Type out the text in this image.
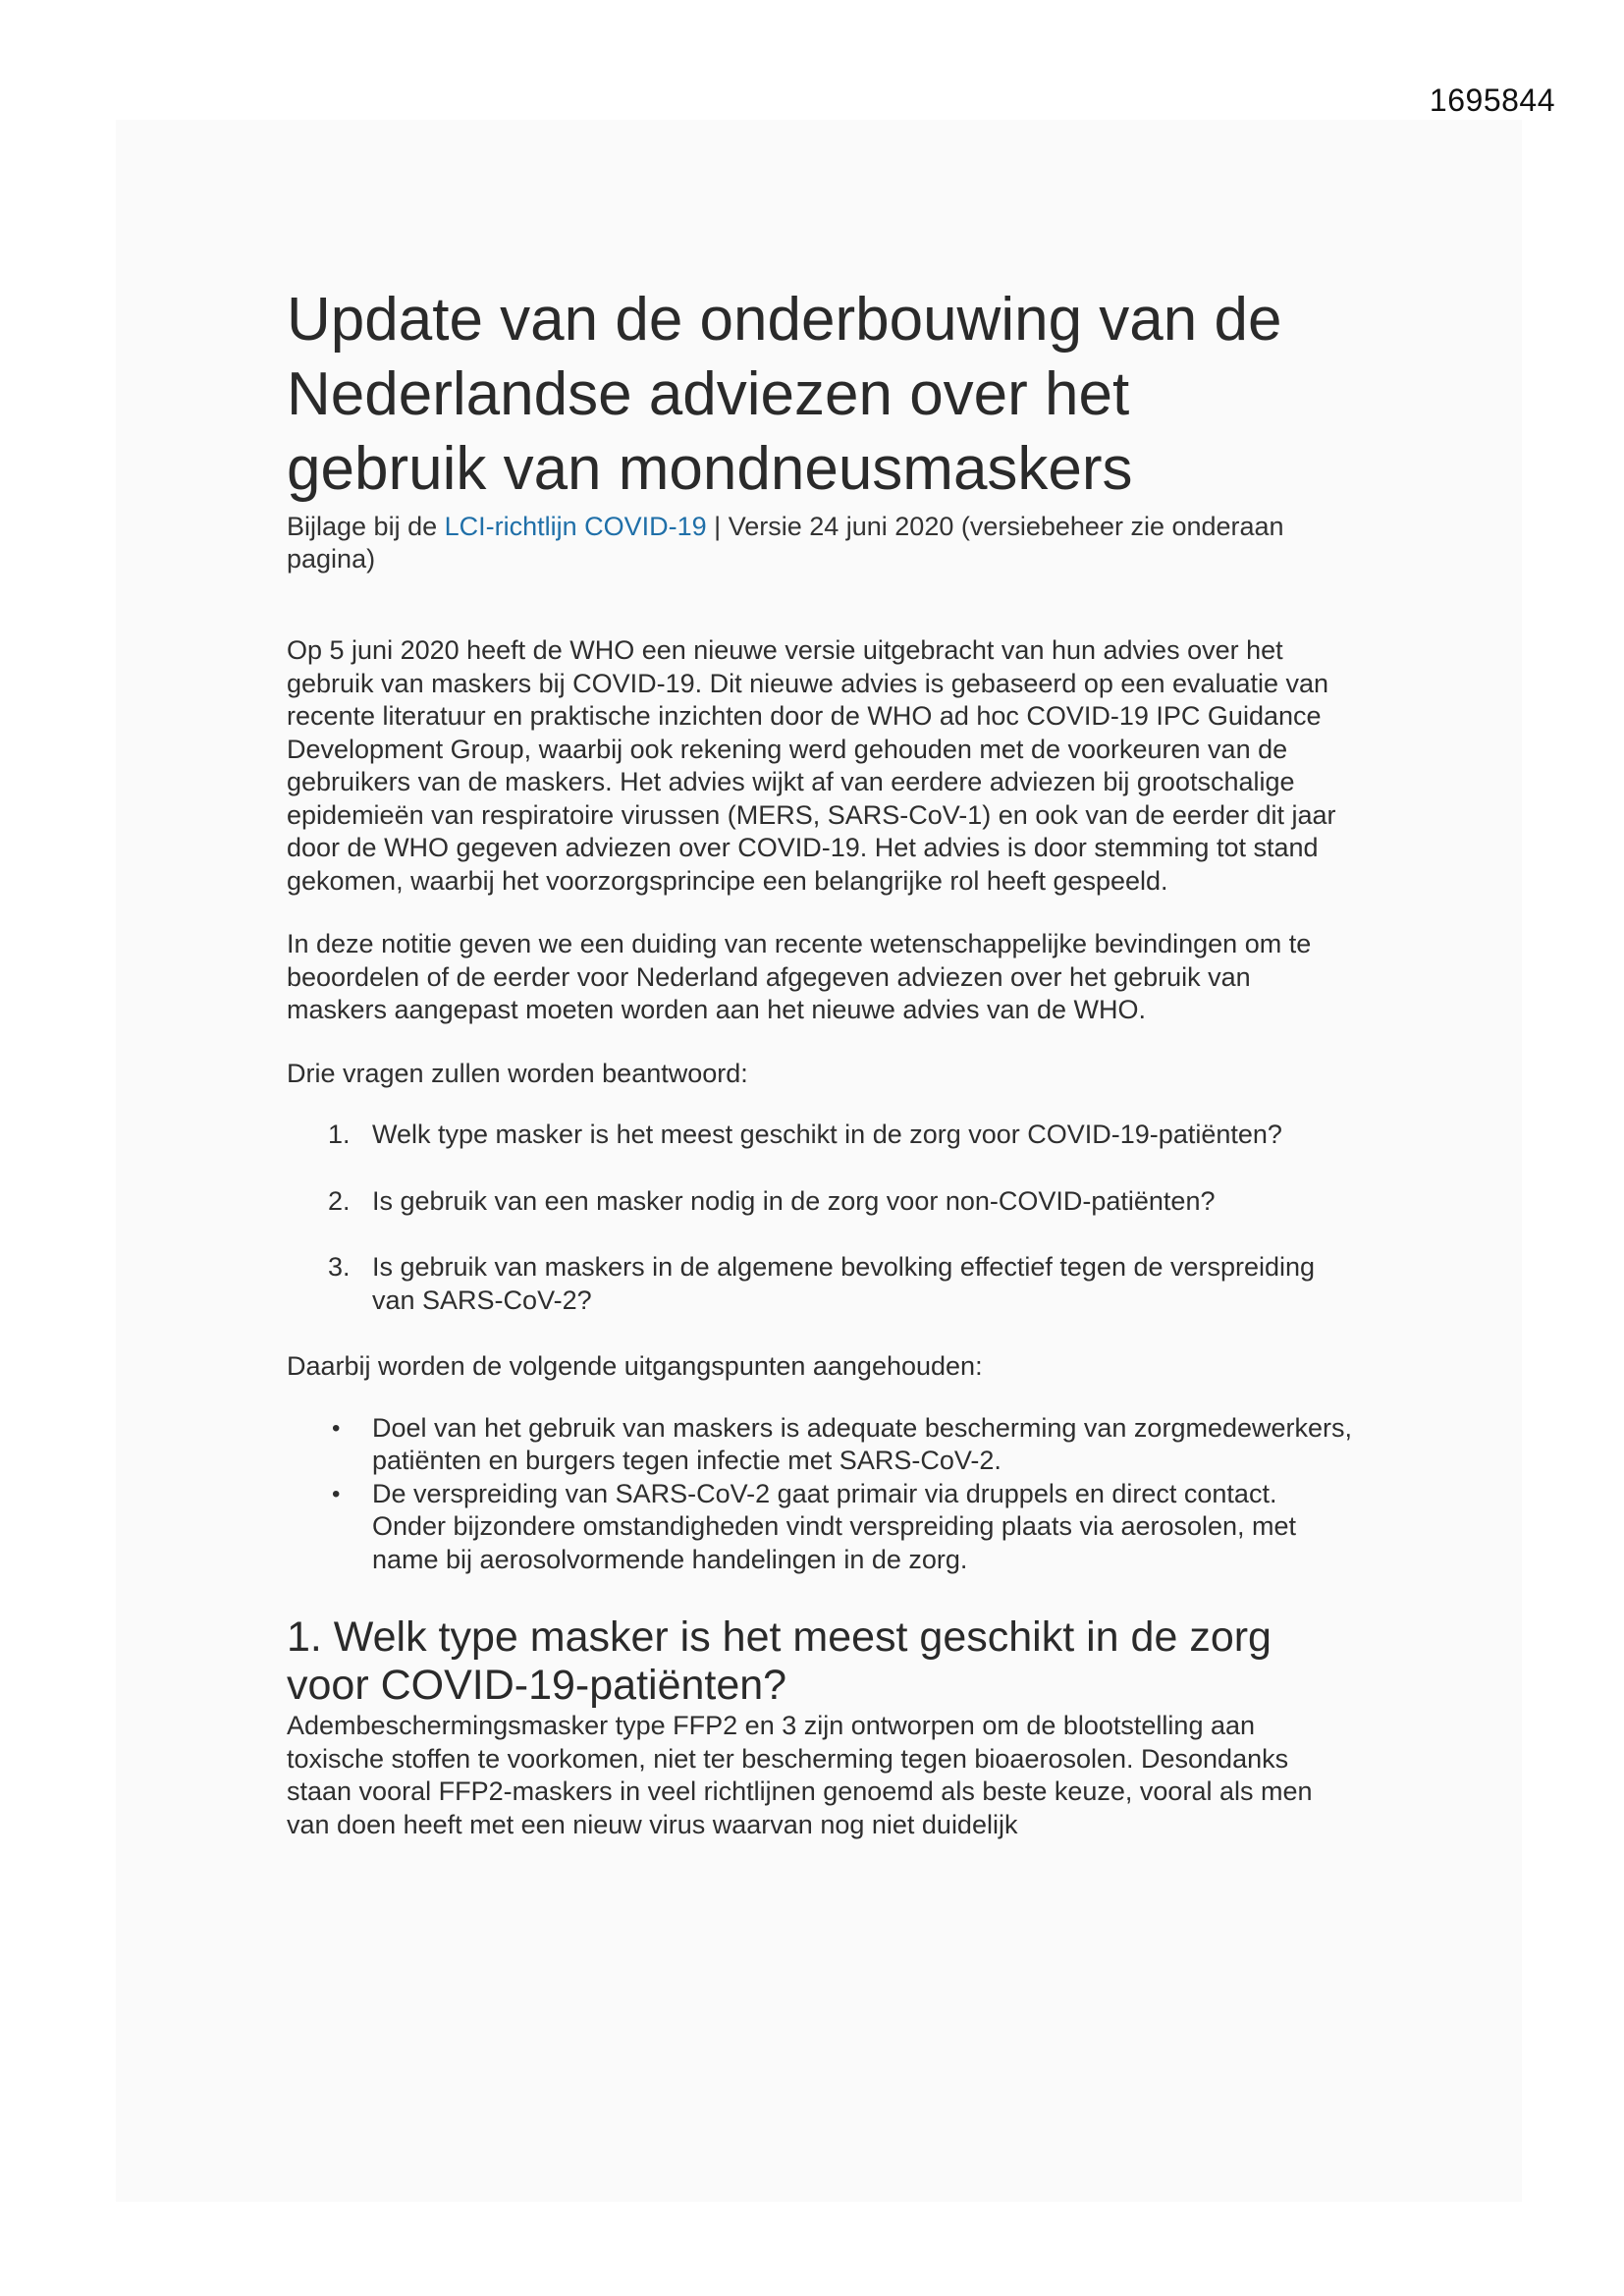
1695844
Update van de onderbouwing van de
Nederlandse adviezen over het
gebruik van mondneusmaskers

Bijlage bij de LCI-richtlijn COVID-19 | Versie 24 juni 2020 (versiebeheer zie onderaan pagina)

Op 5 juni 2020 heeft de WHO een nieuwe versie uitgebracht van hun advies over het gebruik van maskers bij COVID-19. Dit nieuwe advies is gebaseerd op een evaluatie van recente literatuur en praktische inzichten door de WHO ad hoc COVID-19 IPC Guidance Development Group, waarbij ook rekening werd gehouden met de voorkeuren van de gebruikers van de maskers. Het advies wijkt af van eerdere adviezen bij grootschalige epidemieën van respiratoire virussen (MERS, SARS-CoV-1) en ook van de eerder dit jaar door de WHO gegeven adviezen over COVID-19. Het advies is door stemming tot stand gekomen, waarbij het voorzorgsprincipe een belangrijke rol heeft gespeeld.

In deze notitie geven we een duiding van recente wetenschappelijke bevindingen om te beoordelen of de eerder voor Nederland afgegeven adviezen over het gebruik van maskers aangepast moeten worden aan het nieuwe advies van de WHO.

Drie vragen zullen worden beantwoord:

1. Welk type masker is het meest geschikt in de zorg voor COVID-19-patiënten?
2. Is gebruik van een masker nodig in de zorg voor non-COVID-patiënten?
3. Is gebruik van maskers in de algemene bevolking effectief tegen de verspreiding van SARS-CoV-2?

Daarbij worden de volgende uitgangspunten aangehouden:

• Doel van het gebruik van maskers is adequate bescherming van zorgmedewerkers, patiënten en burgers tegen infectie met SARS-CoV-2.
• De verspreiding van SARS-CoV-2 gaat primair via druppels en direct contact. Onder bijzondere omstandigheden vindt verspreiding plaats via aerosolen, met name bij aerosolvormende handelingen in de zorg.
1. Welk type masker is het meest geschikt in de zorg
voor COVID-19-patiënten?

Adembeschermingsmasker type FFP2 en 3 zijn ontworpen om de blootstelling aan toxische stoffen te voorkomen, niet ter bescherming tegen bioaerosolen. Desondanks staan vooral FFP2-maskers in veel richtlijnen genoemd als beste keuze, vooral als men van doen heeft met een nieuw virus waarvan nog niet duidelijk
